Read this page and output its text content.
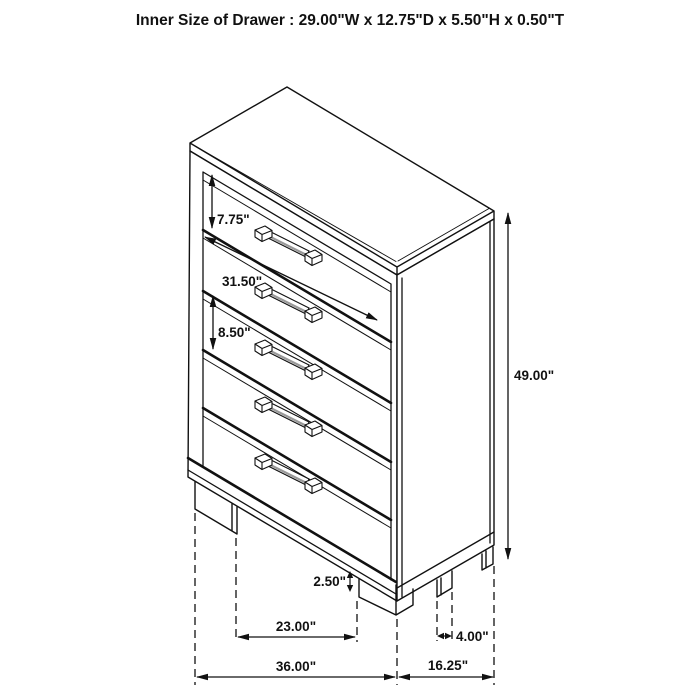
Inner Size of Drawer : 29.00"W x 12.75"D x 5.50"H x 0.50"T
7.75"
31.50"
8.50"
49.00"
2.50"
23.00"
4.00"
36.00"	16.25"
